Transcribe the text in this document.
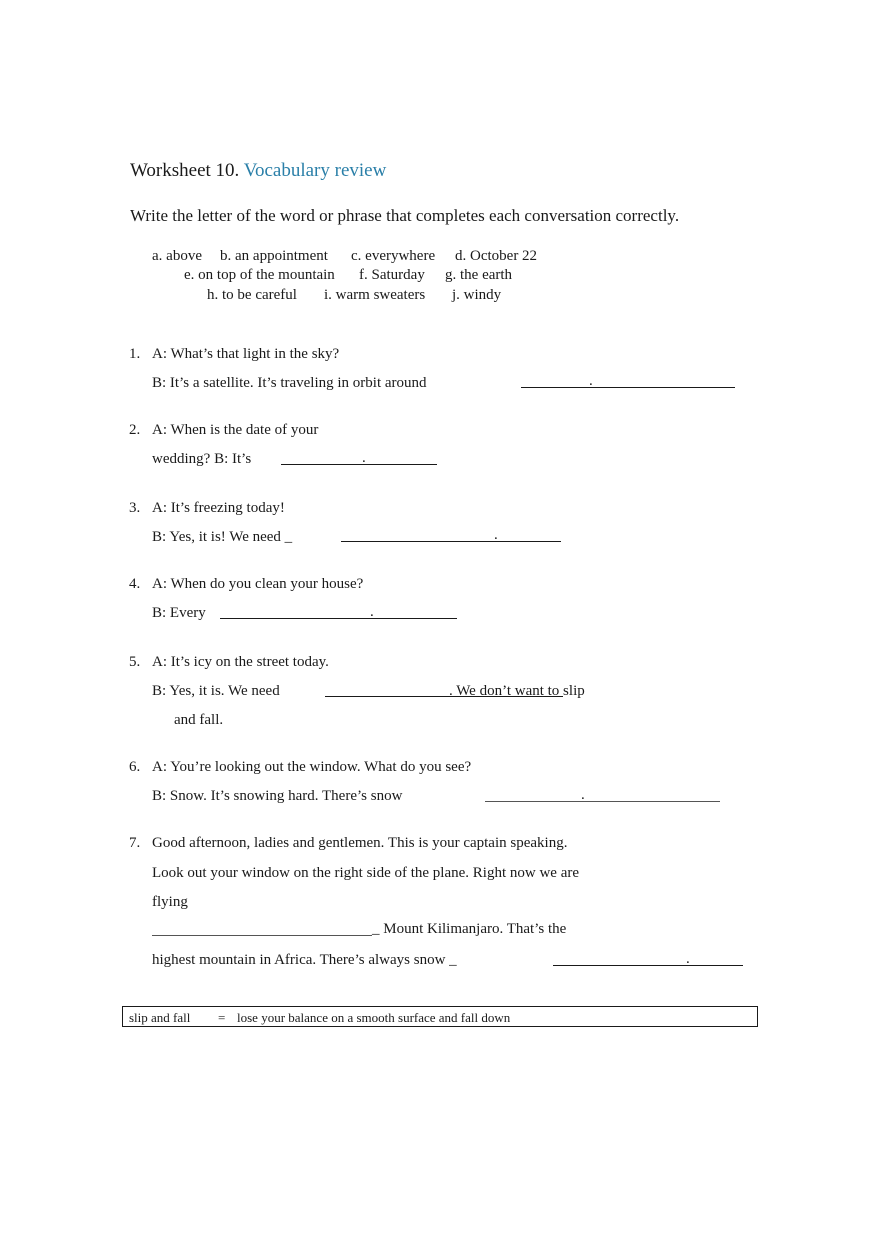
Worksheet 10. Vocabulary review
Write the letter of the word or phrase that completes each conversation correctly.
a. above b. an appointment c. everywhere d. October 22
e. on top of the mountain f. Saturday g. the earth
h. to be careful i. warm sweaters j. windy
1. A: What’s that light in the sky?
B: It’s a satellite. It’s traveling in orbit around	.
2. A: When is the date of your
wedding? B: It’s	.
3. A: It’s freezing today!
B: Yes, it is! We need _	.
4. A: When do you clean your house?
B: Every	.
5. A: It’s icy on the street today.
B: Yes, it is. We need	. We don’t want to slip
and fall.
6. A: You’re looking out the window. What do you see?
B: Snow. It’s snowing hard. There’s snow	.
7. Good afternoon, ladies and gentlemen. This is your captain speaking.
Look out your window on the right side of the plane. Right now we are
flying
_ Mount Kilimanjaro. That’s the
highest mountain in Africa. There’s always snow _	.
slip and fall = lose your balance on a smooth surface and fall down
